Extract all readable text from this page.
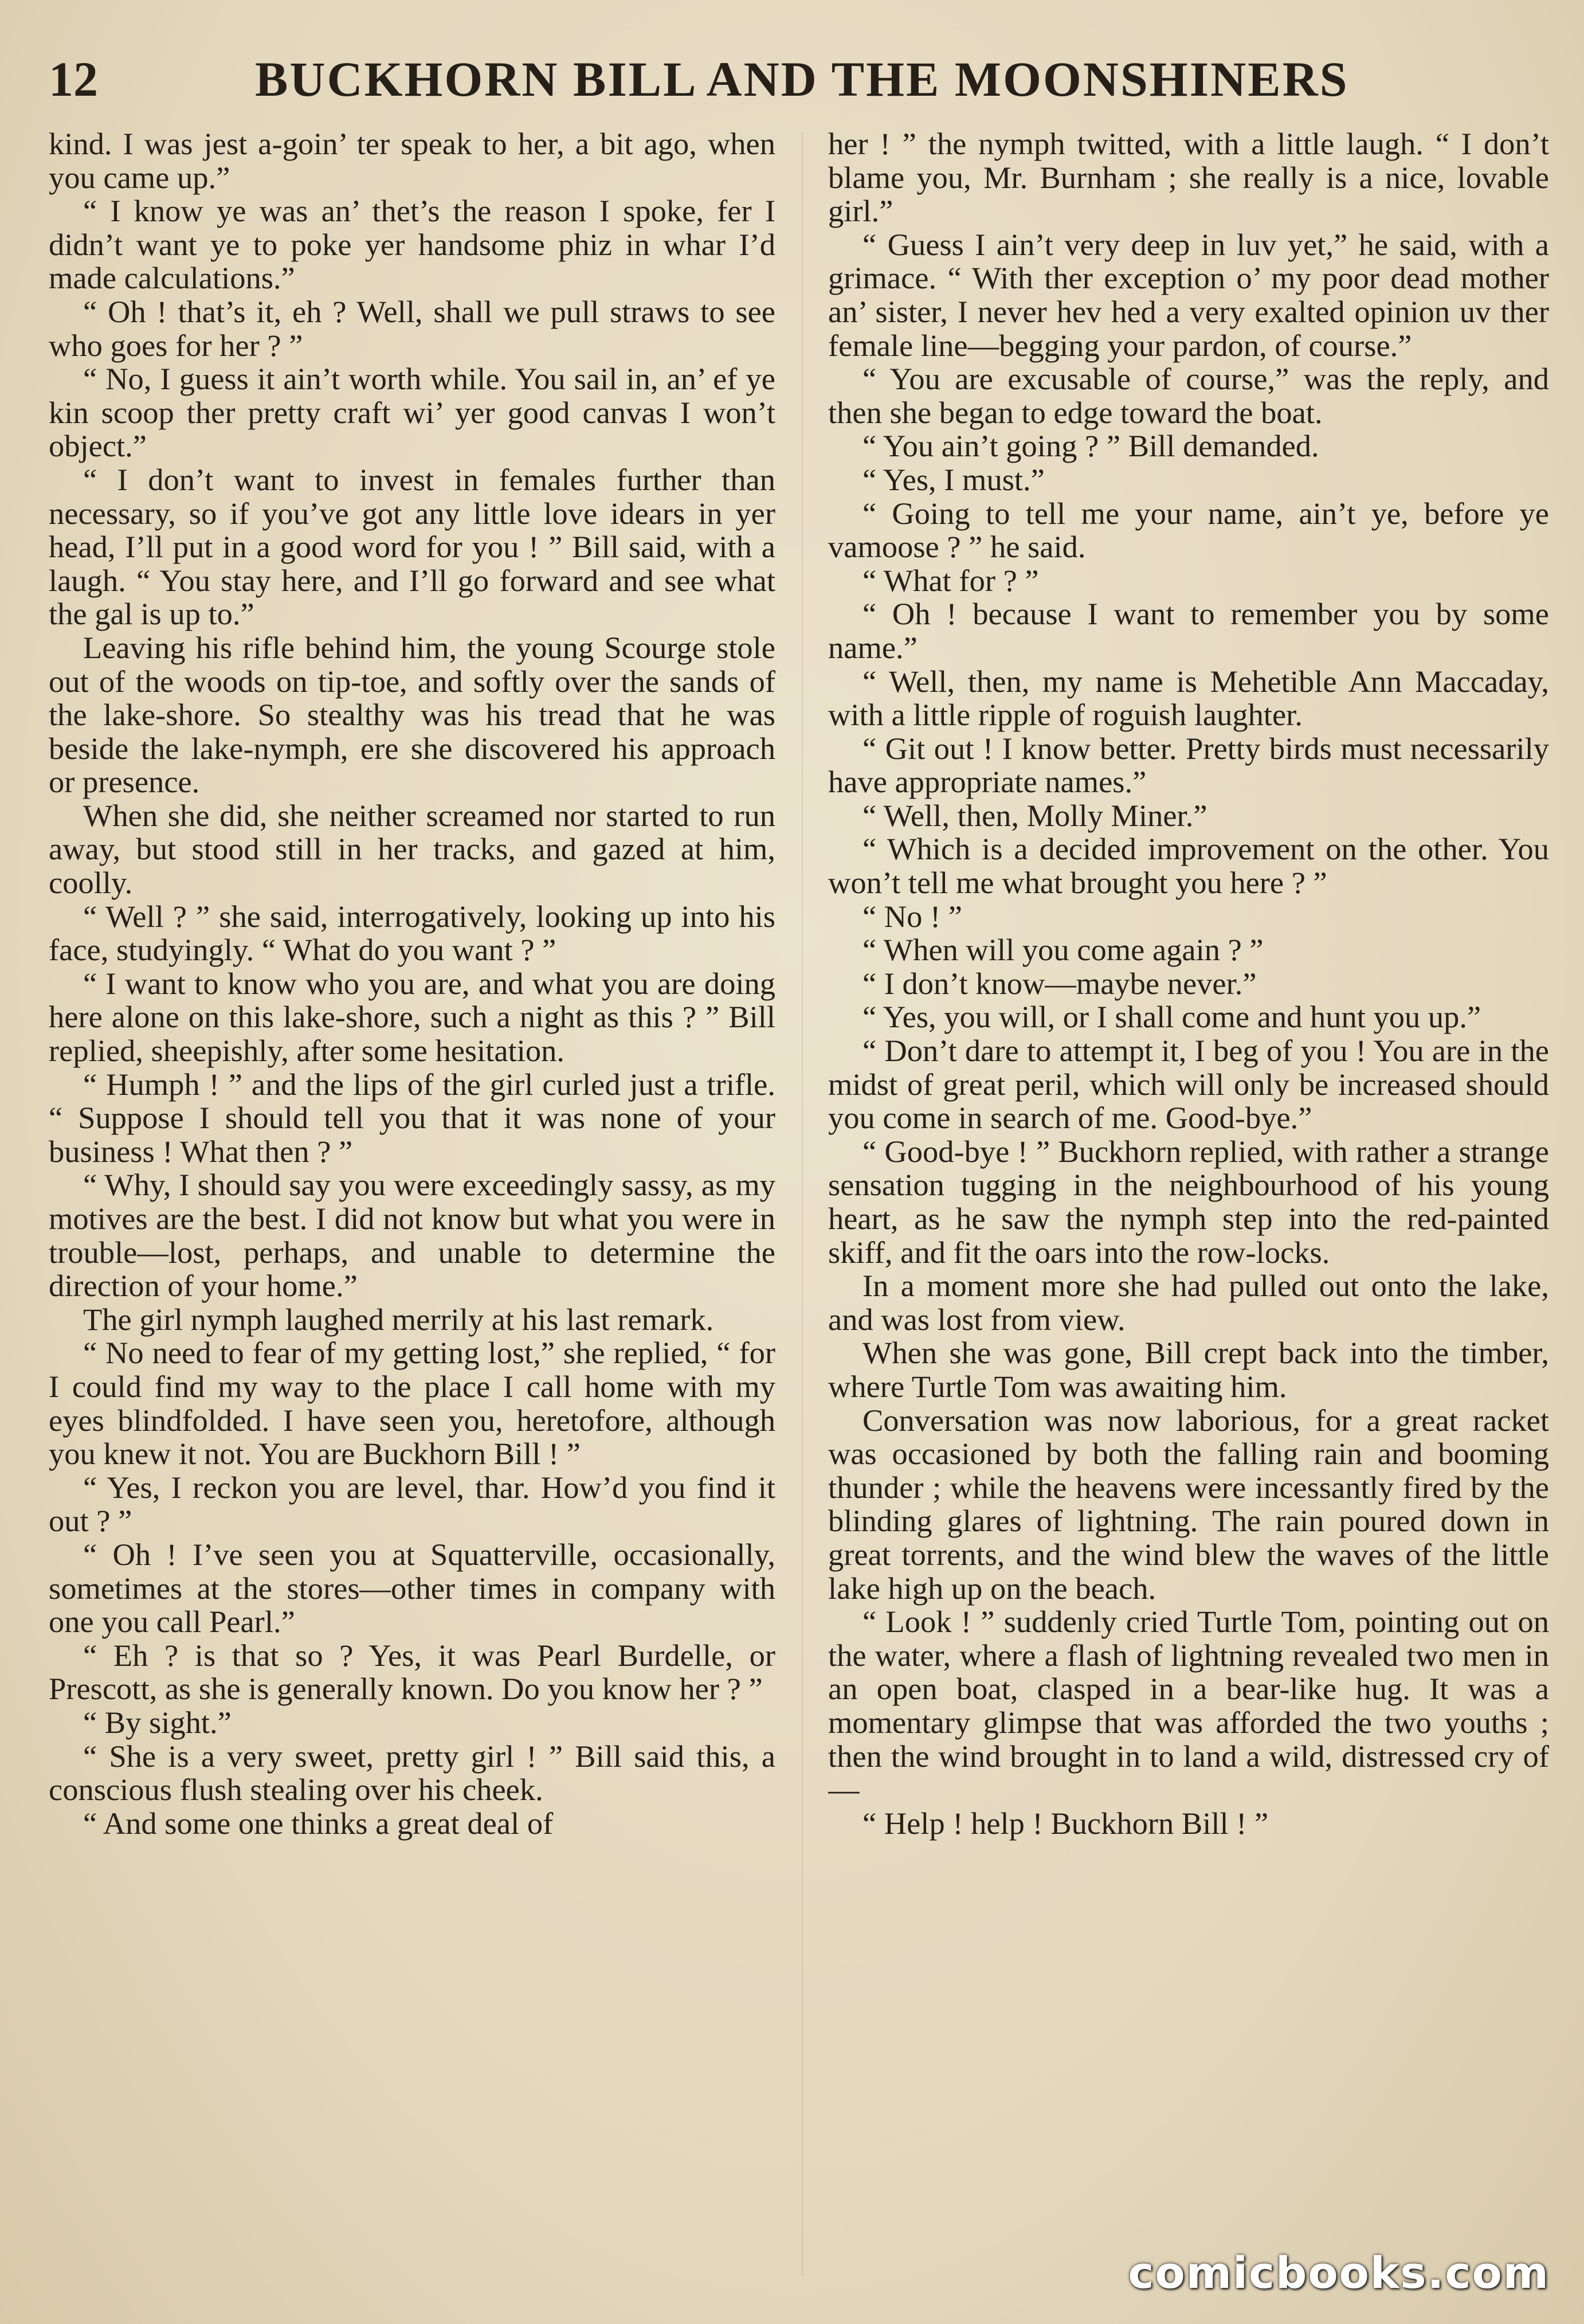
12	BUCKHORN BILL AND THE MOONSHINERS

kind. I was jest a-goin’ ter speak to her, a bit ago, when you came up.”

“ I know ye was an’ thet’s the reason I spoke, fer I didn’t want ye to poke yer handsome phiz in whar I’d made calculations.”

“ Oh ! that’s it, eh ? Well, shall we pull straws to see who goes for her ? ”

“ No, I guess it ain’t worth while. You sail in, an’ ef ye kin scoop ther pretty craft wi’ yer good canvas I won’t object.”

“ I don’t want to invest in females further than necessary, so if you’ve got any little love idears in yer head, I’ll put in a good word for you ! ” Bill said, with a laugh. “ You stay here, and I’ll go forward and see what the gal is up to.”

Leaving his rifle behind him, the young Scourge stole out of the woods on tip-toe, and softly over the sands of the lake-shore. So stealthy was his tread that he was beside the lake-nymph, ere she discovered his approach or presence.

When she did, she neither screamed nor started to run away, but stood still in her tracks, and gazed at him, coolly.

“ Well ? ” she said, interrogatively, looking up into his face, studyingly. “ What do you want ? ”

“ I want to know who you are, and what you are doing here alone on this lake-shore, such a night as this ? ” Bill replied, sheepishly, after some hesitation.

“ Humph ! ” and the lips of the girl curled just a trifle. “ Suppose I should tell you that it was none of your business ! What then ? ”

“ Why, I should say you were exceedingly sassy, as my motives are the best. I did not know but what you were in trouble—lost, perhaps, and unable to determine the direction of your home.”

The girl nymph laughed merrily at his last remark.

“ No need to fear of my getting lost,” she replied, “ for I could find my way to the place I call home with my eyes blindfolded. I have seen you, heretofore, although you knew it not. You are Buckhorn Bill ! ”

“ Yes, I reckon you are level, thar. How’d you find it out ? ”

“ Oh ! I’ve seen you at Squatterville, occasionally, sometimes at the stores—other times in company with one you call Pearl.”

“ Eh ? is that so ? Yes, it was Pearl Burdelle, or Prescott, as she is generally known. Do you know her ? ”

“ By sight.”

“ She is a very sweet, pretty girl ! ” Bill said this, a conscious flush stealing over his cheek.

“ And some one thinks a great deal of

her ! ” the nymph twitted, with a little laugh. “ I don’t blame you, Mr. Burnham ; she really is a nice, lovable girl.”

“ Guess I ain’t very deep in luv yet,” he said, with a grimace. “ With ther exception o’ my poor dead mother an’ sister, I never hev hed a very exalted opinion uv ther female line—begging your pardon, of course.”

“ You are excusable of course,” was the reply, and then she began to edge toward the boat.

“ You ain’t going ? ” Bill demanded.

“ Yes, I must.”

“ Going to tell me your name, ain’t ye, before ye vamoose ? ” he said.

“ What for ? ”

“ Oh ! because I want to remember you by some name.”

“ Well, then, my name is Mehetible Ann Maccaday, with a little ripple of roguish laughter.

“ Git out ! I know better. Pretty birds must necessarily have appropriate names.”

“ Well, then, Molly Miner.”

“ Which is a decided improvement on the other. You won’t tell me what brought you here ? ”

“ No ! ”

“ When will you come again ? ”

“ I don’t know—maybe never.”

“ Yes, you will, or I shall come and hunt you up.”

“ Don’t dare to attempt it, I beg of you ! You are in the midst of great peril, which will only be increased should you come in search of me. Good-bye.”

“ Good-bye ! ” Buckhorn replied, with rather a strange sensation tugging in the neighbourhood of his young heart, as he saw the nymph step into the red-painted skiff, and fit the oars into the row-locks.

In a moment more she had pulled out onto the lake, and was lost from view.

When she was gone, Bill crept back into the timber, where Turtle Tom was awaiting him.

Conversation was now laborious, for a great racket was occasioned by both the falling rain and booming thunder ; while the heavens were incessantly fired by the blinding glares of lightning. The rain poured down in great torrents, and the wind blew the waves of the little lake high up on the beach.

“ Look ! ” suddenly cried Turtle Tom, pointing out on the water, where a flash of lightning revealed two men in an open boat, clasped in a bear-like hug. It was a momentary glimpse that was afforded the two youths ; then the wind brought in to land a wild, distressed cry of—

“ Help ! help ! Buckhorn Bill ! ”

comicbooks.com
